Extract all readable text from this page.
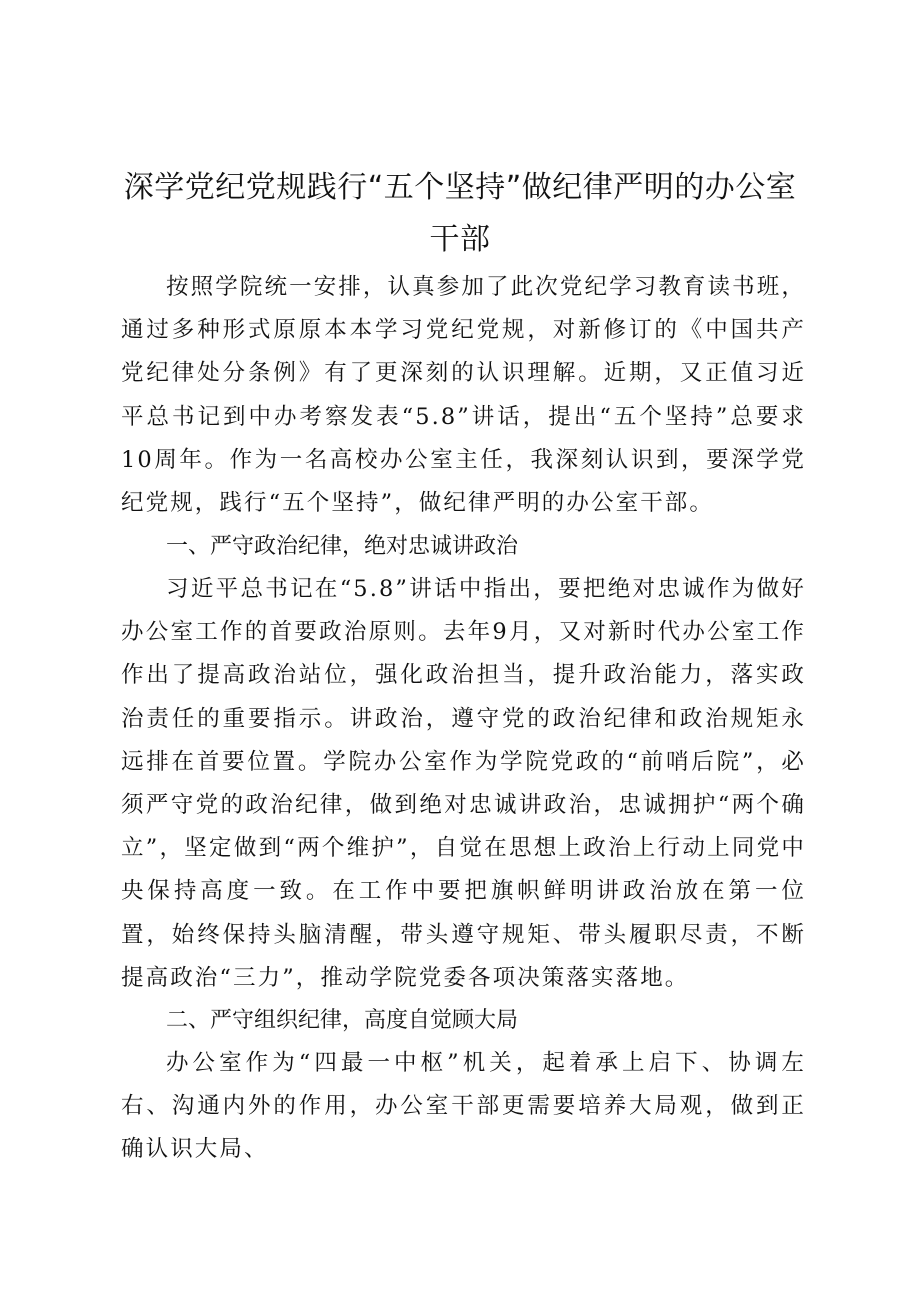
深学党纪党规践行“五个坚持”做纪律严明的办公室干部

按照学院统一安排，认真参加了此次党纪学习教育读书班，通过多种形式原原本本学习党纪党规，对新修订的《中国共产党纪律处分条例》有了更深刻的认识理解。近期，又正值习近平总书记到中办考察发表“5.8”讲话，提出“五个坚持”总要求10周年。作为一名高校办公室主任，我深刻认识到，要深学党纪党规，践行“五个坚持”，做纪律严明的办公室干部。

一、严守政治纪律，绝对忠诚讲政治

习近平总书记在“5.8”讲话中指出，要把绝对忠诚作为做好办公室工作的首要政治原则。去年9月，又对新时代办公室工作作出了提高政治站位，强化政治担当，提升政治能力，落实政治责任的重要指示。讲政治，遵守党的政治纪律和政治规矩永远排在首要位置。学院办公室作为学院党政的“前哨后院”，必须严守党的政治纪律，做到绝对忠诚讲政治，忠诚拥护“两个确立”，坚定做到“两个维护”，自觉在思想上政治上行动上同党中央保持高度一致。在工作中要把旗帜鲜明讲政治放在第一位置，始终保持头脑清醒，带头遵守规矩、带头履职尽责，不断提高政治“三力”，推动学院党委各项决策落实落地。

二、严守组织纪律，高度自觉顾大局

办公室作为“四最一中枢”机关，起着承上启下、协调左右、沟通内外的作用，办公室干部更需要培养大局观，做到正确认识大局、
